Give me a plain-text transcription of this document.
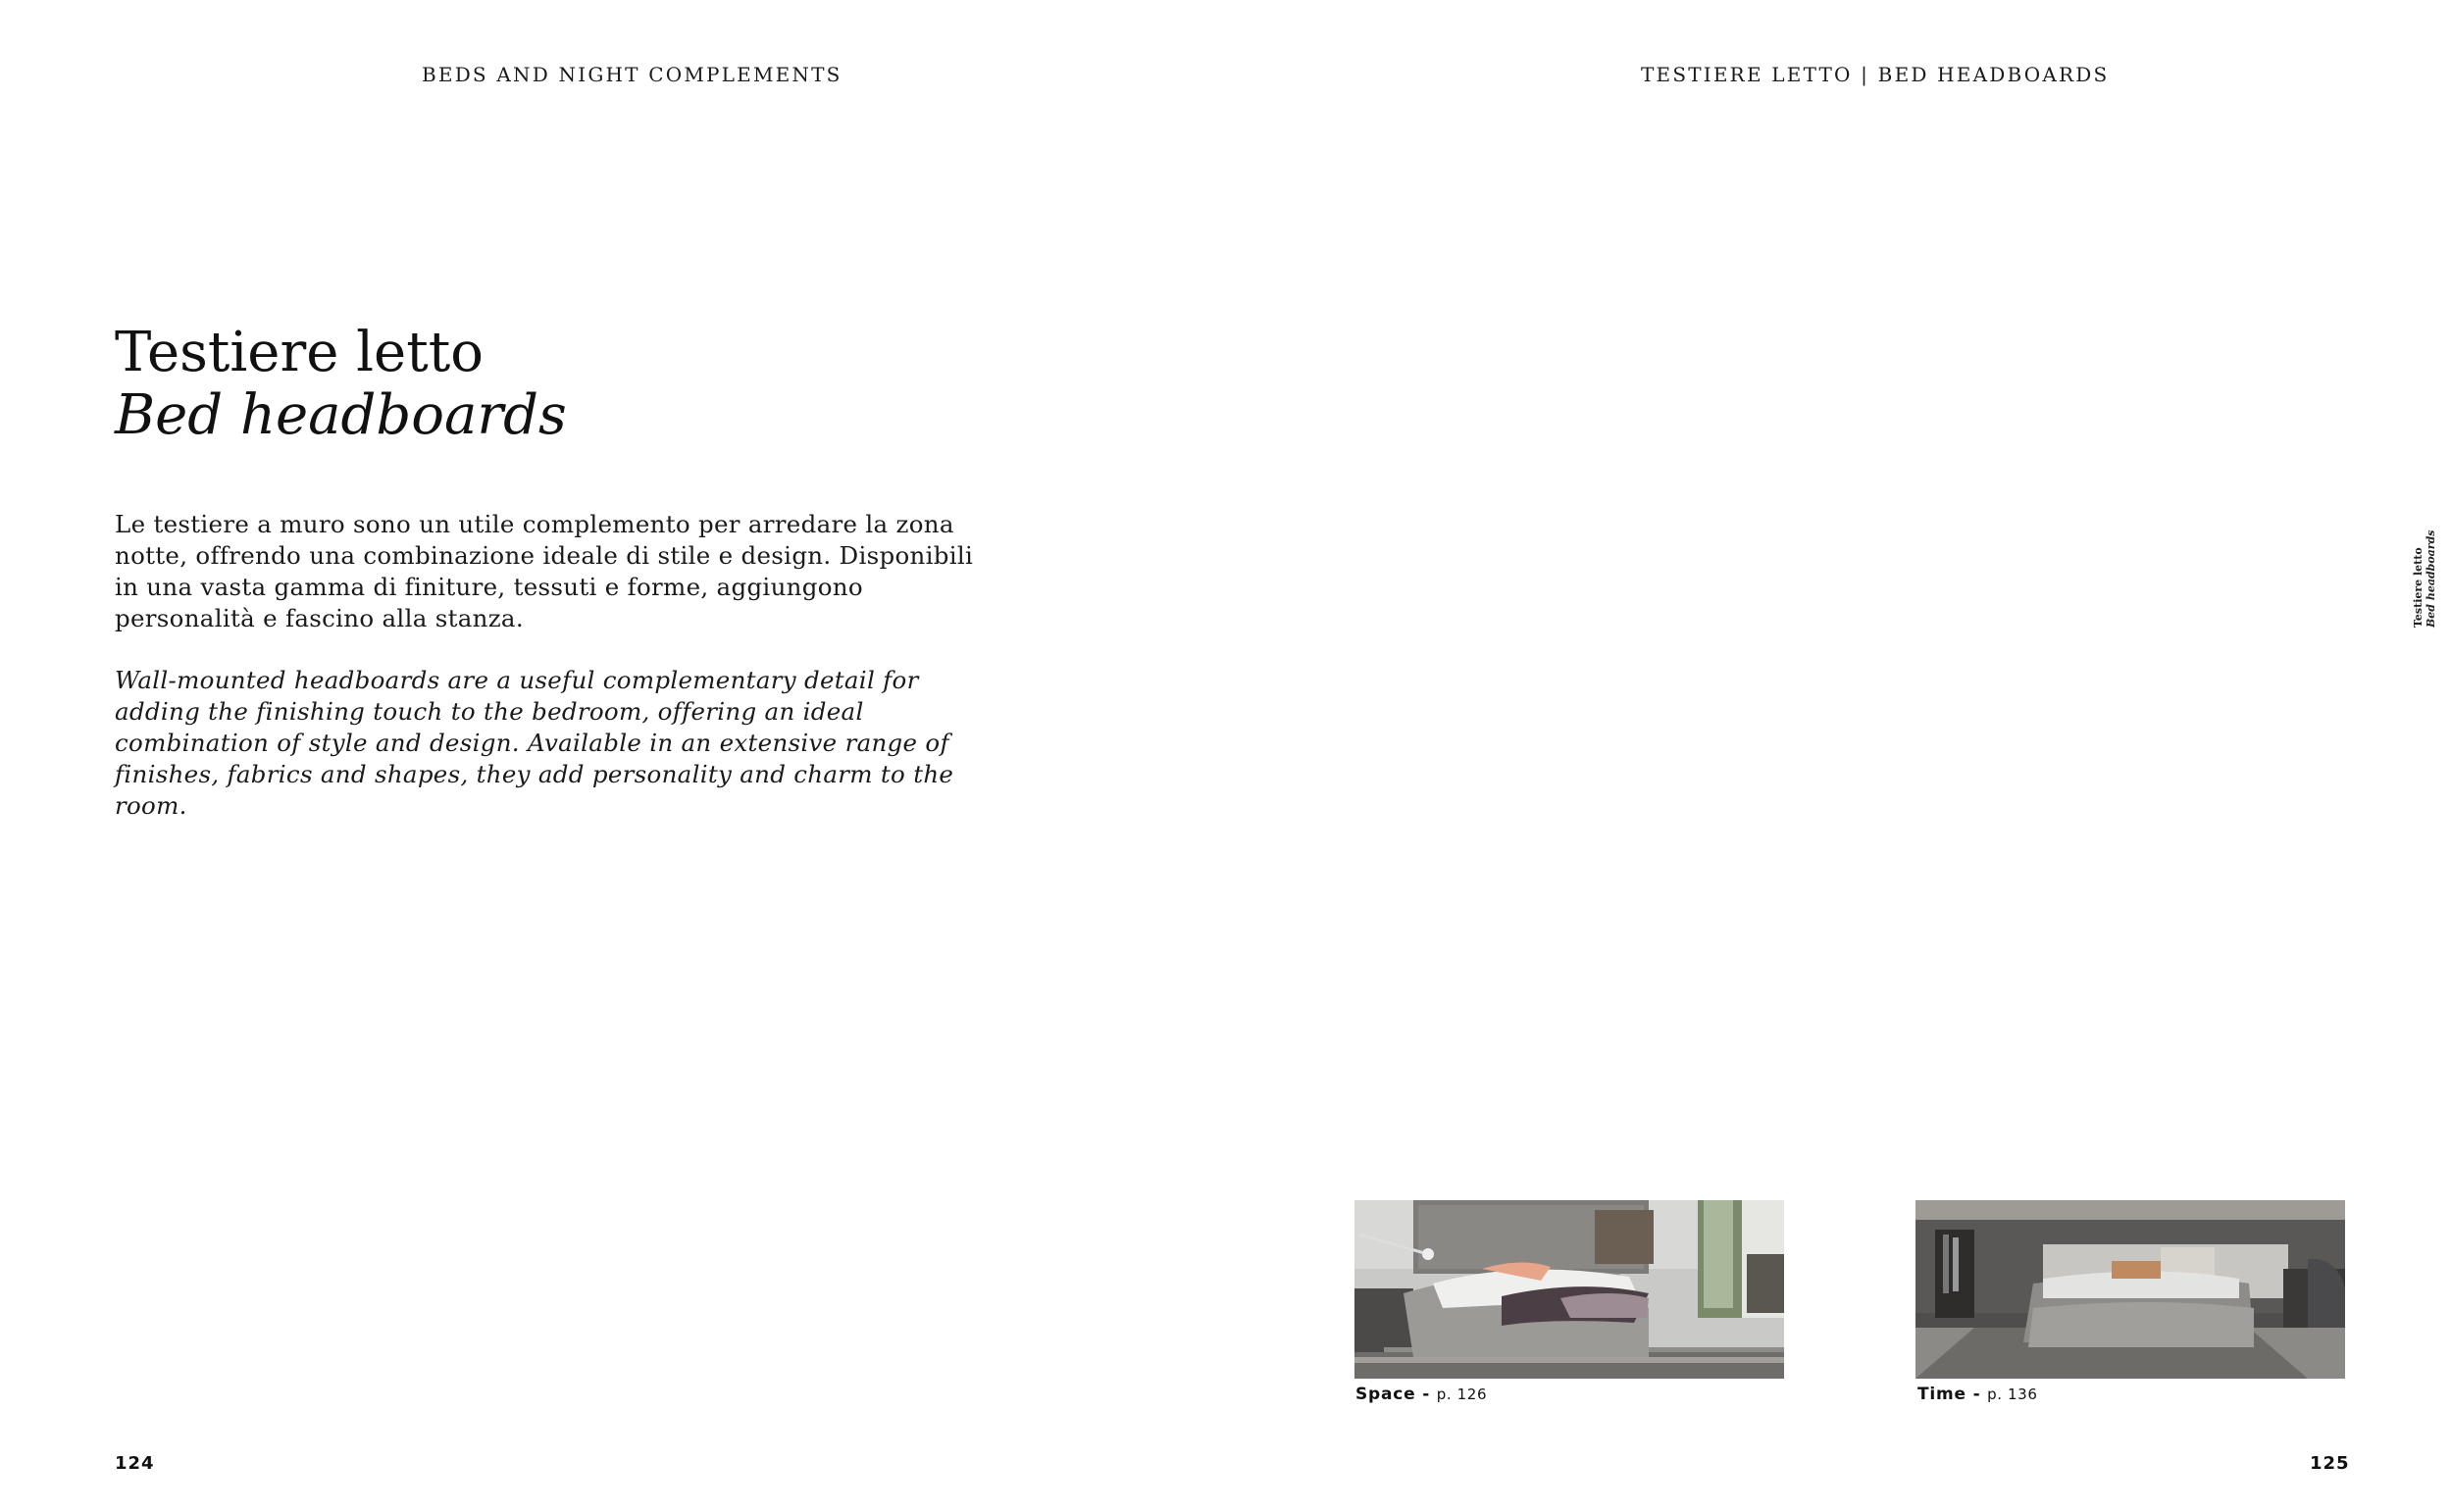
BEDS AND NIGHT COMPLEMENTS	TESTIERE LETTO | BED HEADBOARDS
Testiere letto
Bed headboards

Le testiere a muro sono un utile complemento per arredare la zona notte, offrendo una combinazione ideale di stile e design. Disponibili in una vasta gamma di finiture, tessuti e forme, aggiungono personalità e fascino alla stanza.

Wall-mounted headboards are a useful complementary detail for adding the finishing touch to the bedroom, offering an ideal combination of style and design. Available in an extensive range of finishes, fabrics and shapes, they add personality and charm to the room.

Testiere letto Bed headboards
Space - p. 126	Time - p. 136
124	125
